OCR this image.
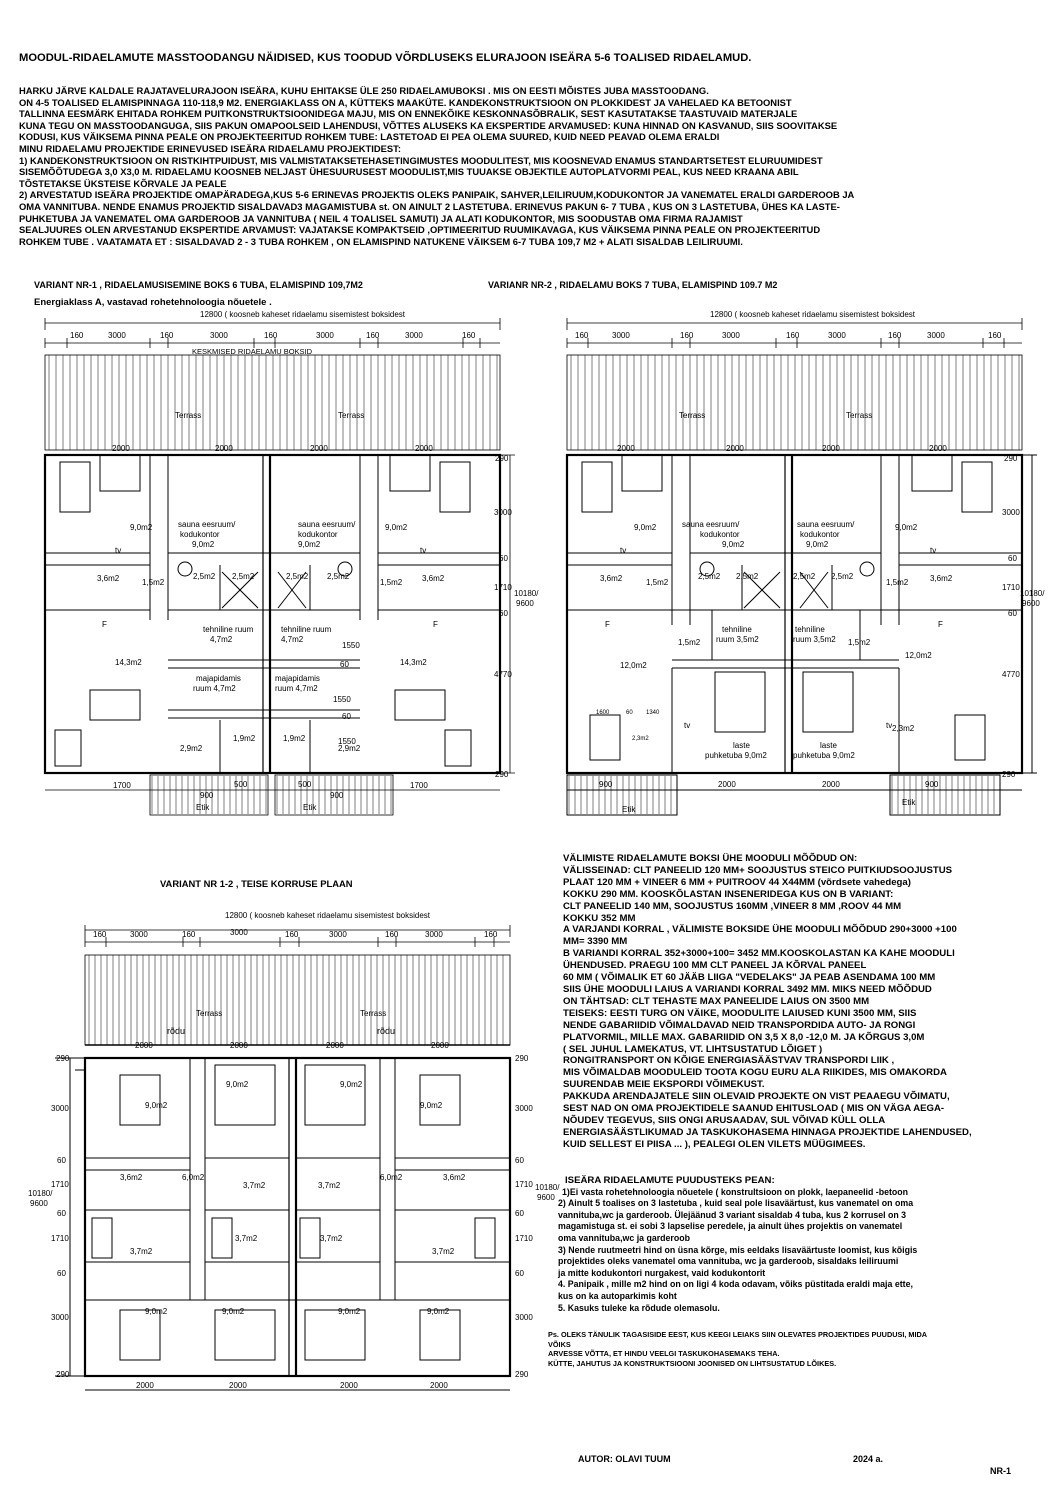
MOODUL-RIDAELAMUTE MASSTOODANGU NÄIDISED, KUS TOODUD VÕRDLUSEKS ELURAJOON ISEÄRA 5-6 TOALISED RIDAELAMUD.
HARKU JÄRVE KALDALE RAJATAVELURAJOON ISEÄRA, KUHU EHITAKSE ÜLE 250 RIDAELAMUBOKSI . MIS ON EESTI MÕISTES JUBA MASSTOODANG.
ON 4-5 TOALISED ELAMISPINNAGA 110-118,9 M2. ENERGIAKLASS ON A, KÜTTEKS MAAKÜTE. KANDEKONSTRUKTSIOON ON PLOKKIDEST JA VAHELAED KA BETOONIST
TALLINNA EESMÄRK EHITADA ROHKEM PUITKONSTRUKTSIOONIDEGA MAJU, MIS ON ENNEKÕIKE KESKONNASÕBRALIK, SEST KASUTATAKSE TAASTUVAID MATERJALE
KUNA TEGU ON MASSTOODANGUGA, SIIS PAKUN OMAPOOLSEID LAHENDUSI, VÕTTES ALUSEKS KA EKSPERTIDE ARVAMUSED: KUNA HINNAD ON KASVANUD, SIIS SOOVITAKSE
KODUSI, KUS VÄIKSEMA PINNA PEALE ON PROJEKTEERITUD ROHKEM TUBE: LASTETOAD EI PEA OLEMA SUURED, KUID NEED PEAVAD OLEMA ERALDI
MINU RIDAELAMU PROJEKTIDE ERINEVUSED ISEÄRA RIDAELAMU PROJEKTIDEST:
1) KANDEKONSTRUKTSIOON ON RISTKIHTPUIDUST, MIS VALMISTATAKSETEHASETINGIMUSTES MOODULITEST, MIS KOOSNEVAD ENAMUS STANDARTSETEST ELURUUMIDEST
SISEMÕÕTUDEGA 3,0 X3,0 M. RIDAELAMU KOOSNEB NELJAST ÜHESUURUSEST MOODULIST,MIS TUUAKSE OBJEKTILE AUTOPLATVORMI PEAL, KUS NEED KRAANA ABIL
TÕSTETAKSE ÜKSTEISE KÕRVALE JA PEALE
2) ARVESTATUD ISEÄRA PROJEKTIDE OMAPÄRADEGA,KUS 5-6 ERINEVAS PROJEKTIS OLEKS PANIPAIK, SAHVER,LEILIRUUM,KODUKONTOR JA VANEMATEL ERALDI GARDEROOB JA
OMA VANNITUBA. NENDE ENAMUS PROJEKTID SISALDAVAD3 MAGAMISTUBA st. ON AINULT 2 LASTETUBA. ERINEVUS PAKUN 6- 7 TUBA , KUS ON 3 LASTETUBA, ÜHES KA LASTE-
PUHKETUBA JA VANEMATEL OMA GARDEROOB JA VANNITUBA ( NEIL 4 TOALISEL SAMUTI) JA ALATI KODUKONTOR, MIS SOODUSTAB OMA FIRMA RAJAMIST
SEALJUURES OLEN ARVESTANUD EKSPERTIDE ARVAMUST: VAJATAKSE KOMPAKTSEID ,OPTIMEERITUD RUUMIKAVAGA, KUS VÄIKSEMA PINNA PEALE ON PROJEKTEERITUD
ROHKEM TUBE . VAATAMATA ET : SISALDAVAD 2 - 3 TUBA ROHKEM , ON ELAMISPIND NATUKENE VÄIKSEM 6-7 TUBA 109,7 M2 + ALATI SISALDAB LEILIRUUMI.
VARIANT NR-1 , RIDAELAMUSISEMINE BOKS 6 TUBA, ELAMISPIND 109,7M2
Energiaklass A, vastavad rohetehnoloogia nõuetele .
VARIANR NR-2 , RIDAELAMU BOKS 7 TUBA, ELAMISPIND 109.7 M2
VARIANT NR 1-2 , TEISE KORRUSE PLAAN
12800 ( koosneb kaheset ridaelamu sisemistest boksidest
KESKMISED RIDAELAMU BOKSID
160	3000	160	3000	160	3000	160	3000	160
Terrass	Terrass
2000	2000	2000	2000
290
3000
60
1710
60
4770
290
10180/
9600
9,0m2	9,0m2
sauna eesruum/
kodukontor
9,0m2
sauna eesruum/
kodukontor
9,0m2
tv	tv
3,6m2	3,6m2
1,5m2	1,5m2
2,5m2 2,5m2	2,5m2 2,5m2
F	F
tehniline ruum
4,7m2
tehniline ruum
4,7m2
1550
60
14,3m2	14,3m2
majapidamis
ruum 4,7m2
majapidamis
ruum 4,7m2
1550
60
1,9m2	1,9m2
2,9m2	2,9m2
1550
1700
900
500	500
900
1700
Etik	Etik
12800 ( koosneb kaheset ridaelamu sisemistest boksidest
160	3000	160	3000	160	3000	160	3000	160
Terrass	Terrass
2000	2000	2000	2000
290
3000
60
1710
60
4770
290
10180/
9600
9,0m2	9,0m2
sauna eesruum/
kodukontor
9,0m2
sauna eesruum/
kodukontor
9,0m2
tv	tv
3,6m2	3,6m2
1,5m2	1,5m2
2,5m2 2,5m2	2,5m2 2,5m2
F	F
1,5m2	1,5m2
tehniline
ruum 3,5m2
tehniline
ruum 3,5m2
12,0m2
12,0m2
1600	60 1340
2,3m2
tv	tv 2,3m2
laste
puhketuba 9,0m2
laste
puhketuba 9,0m2
900	2000	2000	900
Etik
Etik
12800 ( koosneb kaheset ridaelamu sisemistest boksidest
160	3000	160	3000	160	3000	160	3000	160
Terrass	Terrass
rõdu	rõdu
2000	2000	2000	2000
290	290
3000	3000
60	60
1710	1710
60	60
1710	1710
60	60
3000	3000
290	290
10180/
9600
10180/
9600
9,0m2	9,0m2
9,0m2	9,0m2
3,6m2	3,6m2
6,0m2	6,0m2
3,7m2	3,7m2
3,7m2	3,7m2
3,7m2	3,7m2
9,0m2	9,0m2	9,0m2	9,0m2
2000	2000	2000	2000
VÄLIMISTE RIDAELAMUTE BOKSI ÜHE MOODULI MÕÕDUD ON:
VÄLISSEINAD: CLT PANEELID 120 MM+ SOOJUSTUS STEICO PUITKIUDSOOJUSTUS
PLAAT 120 MM + VINEER 6 MM + PUITROOV 44 X44MM (võrdsete vahedega)
KOKKU 290 MM. KOOSKÕLASTAN INSENERIDEGA KUS ON B VARIANT:
CLT PANEELID 140 MM, SOOJUSTUS 160MM ,VINEER 8 MM ,ROOV 44 MM
KOKKU 352 MM
A VARJANDI KORRAL , VÄLIMISTE BOKSIDE ÜHE MOODULI MÕÕDUD 290+3000 +100
MM= 3390 MM
B VARIANDI KORRAL 352+3000+100= 3452 MM.KOOSKOLASTAN KA KAHE MOODULI
ÜHENDUSED. PRAEGU 100 MM CLT PANEEL JA KÕRVAL PANEEL
60 MM ( VÕIMALIK ET 60 JÄÄB LIIGA "VEDELAKS" JA PEAB ASENDAMA 100 MM
SIIS ÜHE MOODULI LAIUS A VARIANDI KORRAL 3492 MM. MIKS NEED MÕÕDUD
ON TÄHTSAD: CLT TEHASTE MAX PANEELIDE LAIUS ON 3500 MM
TEISEKS: EESTI TURG ON VÄIKE, MOODULITE LAIUSED KUNI 3500 MM, SIIS
NENDE GABARIIDID VÕIMALDAVAD NEID TRANSPORDIDA AUTO- JA RONGI
PLATVORMIL, MILLE MAX. GABARIIDID ON 3,5 X 8,0 -12,0 M. JA KÕRGUS 3,0M
( SEL JUHUL LAMEKATUS, VT. LIHTSUSTATUD LÕIGET )
RONGITRANSPORT ON KÕIGE ENERGIASÄÄSTVAV TRANSPORDI LIIK ,
MIS VÕIMALDAB MOODULEID TOOTA KOGU EURU ALA RIIKIDES, MIS OMAKORDA
SUURENDAB MEIE EKSPORDI VÕIMEKUST.
PAKKUDA ARENDAJATELE SIIN OLEVAID PROJEKTE ON VIST PEAAEGU VÕIMATU,
SEST NAD ON OMA PROJEKTIDELE SAANUD EHITUSLOAD ( MIS ON VÄGA AEGA-
NÕUDEV TEGEVUS, SIIS ONGI ARUSAADAV, SUL VÕIVAD KÜLL OLLA
ENERGIASÄÄSTLIKUMAD JA TASKUKOHASEMA HINNAGA PROJEKTIDE LAHENDUSED,
KUID SELLEST EI PIISA ... ), PEALEGI OLEN VILETS MÜÜGIMEES.
ISEÄRA RIDAELAMUTE PUUDUSTEKS PEAN:
1)Ei vasta rohetehnoloogia nõuetele ( konstrultsioon on plokk, laepaneelid -betoon
2) Ainult 5 toalises on 3 lastetuba , kuid seal pole lisaväärtust, kus vanematel on oma
vannituba,wc ja garderoob. Ülejäänud 3 variant sisaldab 4 tuba, kus 2 korrusel on 3
magamistuga st. ei sobi 3 lapselise peredele, ja ainult ühes projektis on vanematel
oma vannituba,wc ja garderoob
3) Nende ruutmeetri hind on üsna kõrge, mis eeldaks lisaväärtuste loomist, kus kõigis
projektides oleks vanematel oma vannituba, wc ja garderoob, sisaldaks leiliruumi
ja mitte kodukontori nurgakest, vaid kodukontorit
4. Panipaik , mille m2 hind on on ligi 4 koda odavam, võiks püstitada eraldi maja ette,
kus on ka autoparkimis koht
5. Kasuks tuleke ka rõdude olemasolu.
Ps. OLEKS TÄNULIK TAGASISIDE EEST, KUS KEEGI LEIAKS SIIN OLEVATES PROJEKTIDES PUUDUSI, MIDA
VÕIKS
ARVESSE VÕTTA, ET HINDU VEELGI TASKUKOHASEMAKS TEHA.
KÜTTE, JAHUTUS JA KONSTRUKTSIOONI JOONISED ON LIHTSUSTATUD LÕIKES.
AUTOR: OLAVI TUUM	2024 a.
NR-1
